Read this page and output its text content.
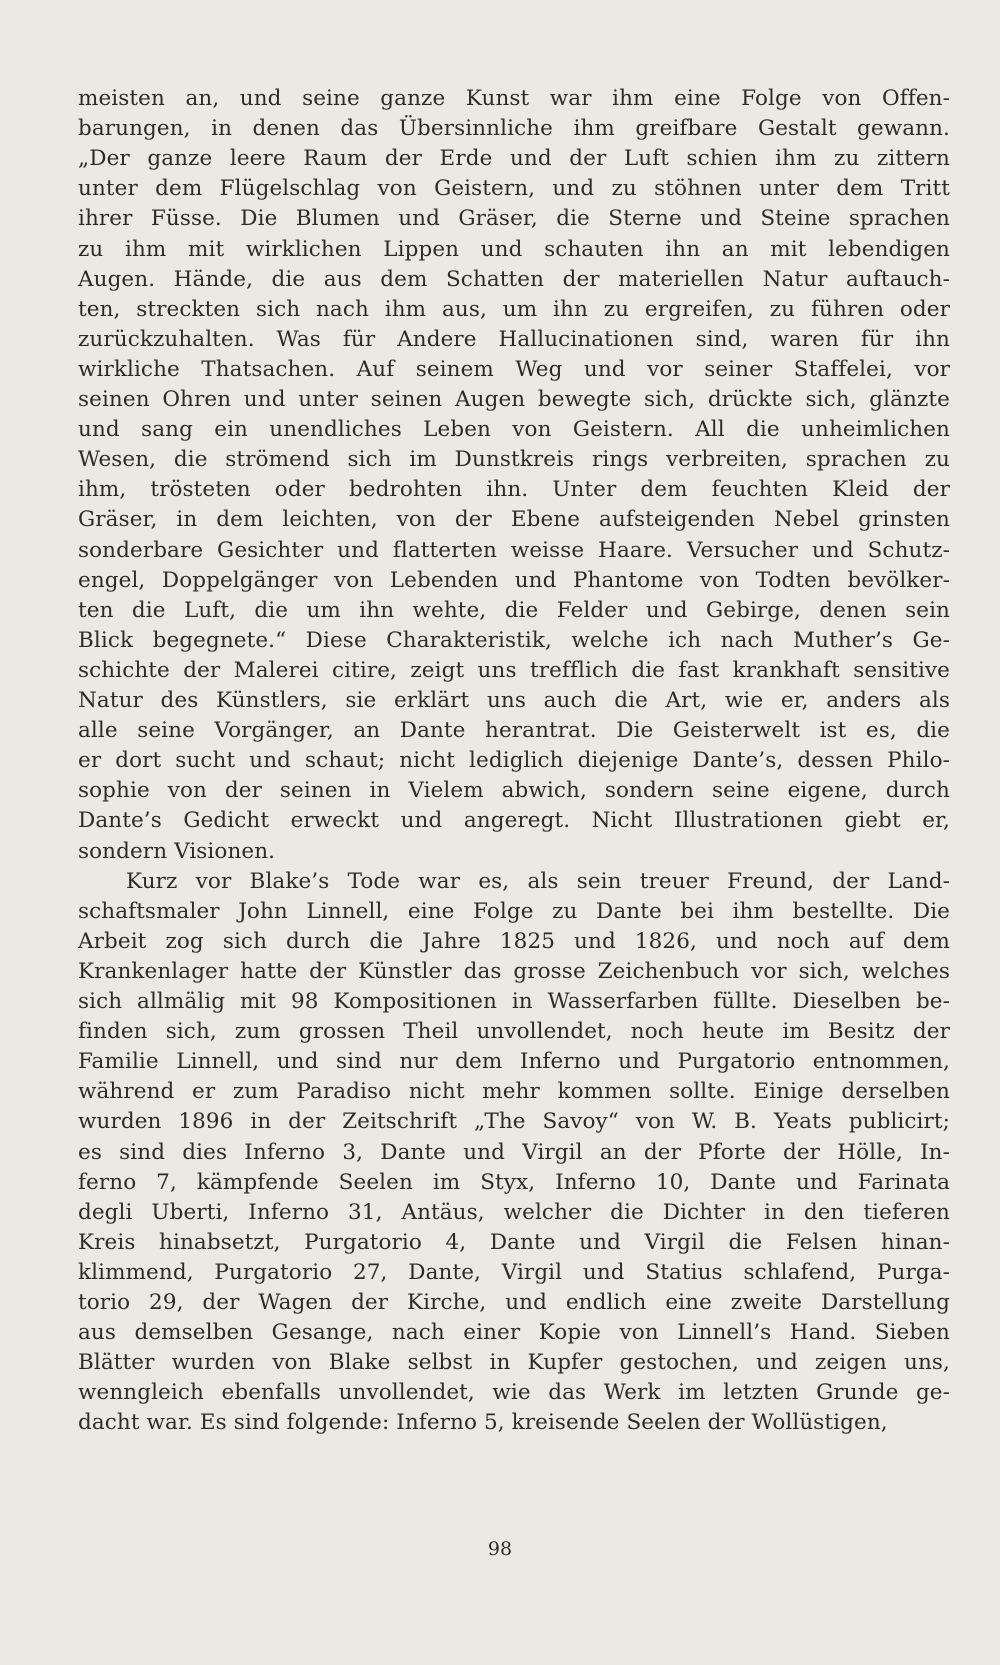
meisten an, und seine ganze Kunst war ihm eine Folge von Offen-
barungen, in denen das Übersinnliche ihm greifbare Gestalt gewann.
„Der ganze leere Raum der Erde und der Luft schien ihm zu zittern
unter dem Flügelschlag von Geistern, und zu stöhnen unter dem Tritt
ihrer Füsse. Die Blumen und Gräser, die Sterne und Steine sprachen
zu ihm mit wirklichen Lippen und schauten ihn an mit lebendigen
Augen. Hände, die aus dem Schatten der materiellen Natur auftauch-
ten, streckten sich nach ihm aus, um ihn zu ergreifen, zu führen oder
zurückzuhalten. Was für Andere Hallucinationen sind, waren für ihn
wirkliche Thatsachen. Auf seinem Weg und vor seiner Staffelei, vor
seinen Ohren und unter seinen Augen bewegte sich, drückte sich, glänzte
und sang ein unendliches Leben von Geistern. All die unheimlichen
Wesen, die strömend sich im Dunstkreis rings verbreiten, sprachen zu
ihm, trösteten oder bedrohten ihn. Unter dem feuchten Kleid der
Gräser, in dem leichten, von der Ebene aufsteigenden Nebel grinsten
sonderbare Gesichter und flatterten weisse Haare. Versucher und Schutz-
engel, Doppelgänger von Lebenden und Phantome von Todten bevölker-
ten die Luft, die um ihn wehte, die Felder und Gebirge, denen sein
Blick begegnete.“ Diese Charakteristik, welche ich nach Muther’s Ge-
schichte der Malerei citire, zeigt uns trefflich die fast krankhaft sensitive
Natur des Künstlers, sie erklärt uns auch die Art, wie er, anders als
alle seine Vorgänger, an Dante herantrat. Die Geisterwelt ist es, die
er dort sucht und schaut; nicht lediglich diejenige Dante’s, dessen Philo-
sophie von der seinen in Vielem abwich, sondern seine eigene, durch
Dante’s Gedicht erweckt und angeregt. Nicht Illustrationen giebt er,
sondern Visionen.
Kurz vor Blake’s Tode war es, als sein treuer Freund, der Land-
schaftsmaler John Linnell, eine Folge zu Dante bei ihm bestellte. Die
Arbeit zog sich durch die Jahre 1825 und 1826, und noch auf dem
Krankenlager hatte der Künstler das grosse Zeichenbuch vor sich, welches
sich allmälig mit 98 Kompositionen in Wasserfarben füllte. Dieselben be-
finden sich, zum grossen Theil unvollendet, noch heute im Besitz der
Familie Linnell, und sind nur dem Inferno und Purgatorio entnommen,
während er zum Paradiso nicht mehr kommen sollte. Einige derselben
wurden 1896 in der Zeitschrift „The Savoy“ von W. B. Yeats publicirt;
es sind dies Inferno 3, Dante und Virgil an der Pforte der Hölle, In-
ferno 7, kämpfende Seelen im Styx, Inferno 10, Dante und Farinata
degli Uberti, Inferno 31, Antäus, welcher die Dichter in den tieferen
Kreis hinabsetzt, Purgatorio 4, Dante und Virgil die Felsen hinan-
klimmend, Purgatorio 27, Dante, Virgil und Statius schlafend, Purga-
torio 29, der Wagen der Kirche, und endlich eine zweite Darstellung
aus demselben Gesange, nach einer Kopie von Linnell’s Hand. Sieben
Blätter wurden von Blake selbst in Kupfer gestochen, und zeigen uns,
wenngleich ebenfalls unvollendet, wie das Werk im letzten Grunde ge-
dacht war. Es sind folgende: Inferno 5, kreisende Seelen der Wollüstigen,
98
